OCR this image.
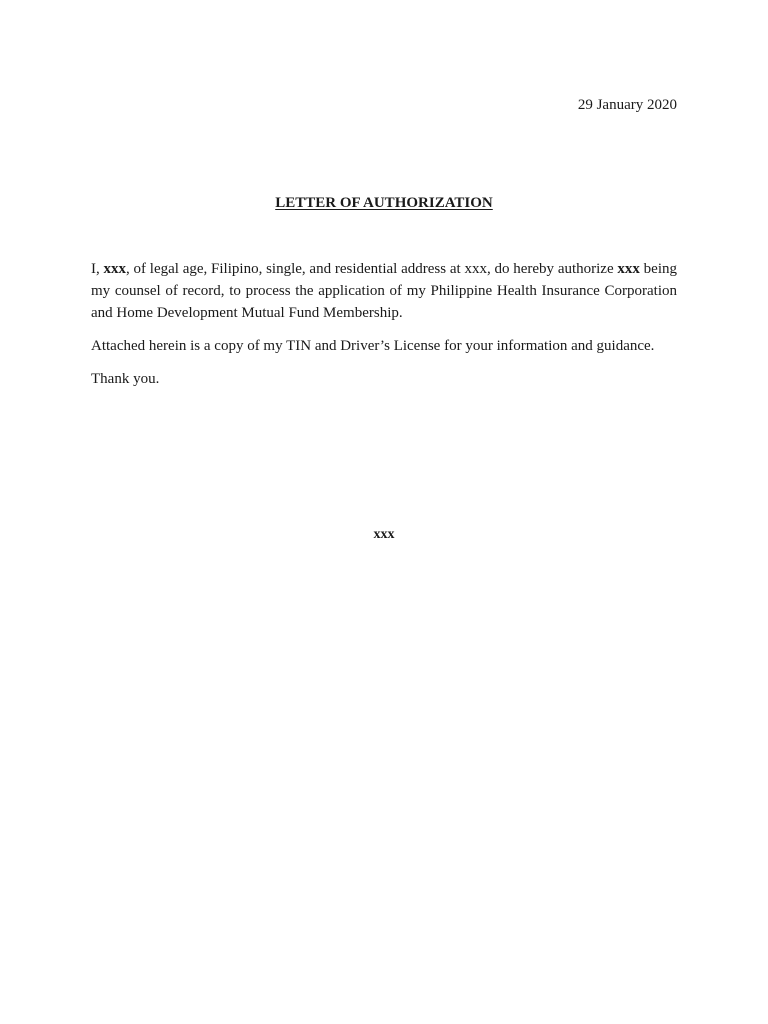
29 January 2020
LETTER OF AUTHORIZATION

I, xxx, of legal age, Filipino, single, and residential address at xxx, do hereby authorize xxx being my counsel of record, to process the application of my Philippine Health Insurance Corporation and Home Development Mutual Fund Membership.

Attached herein is a copy of my TIN and Driver’s License for your information and guidance.

Thank you.

xxx
